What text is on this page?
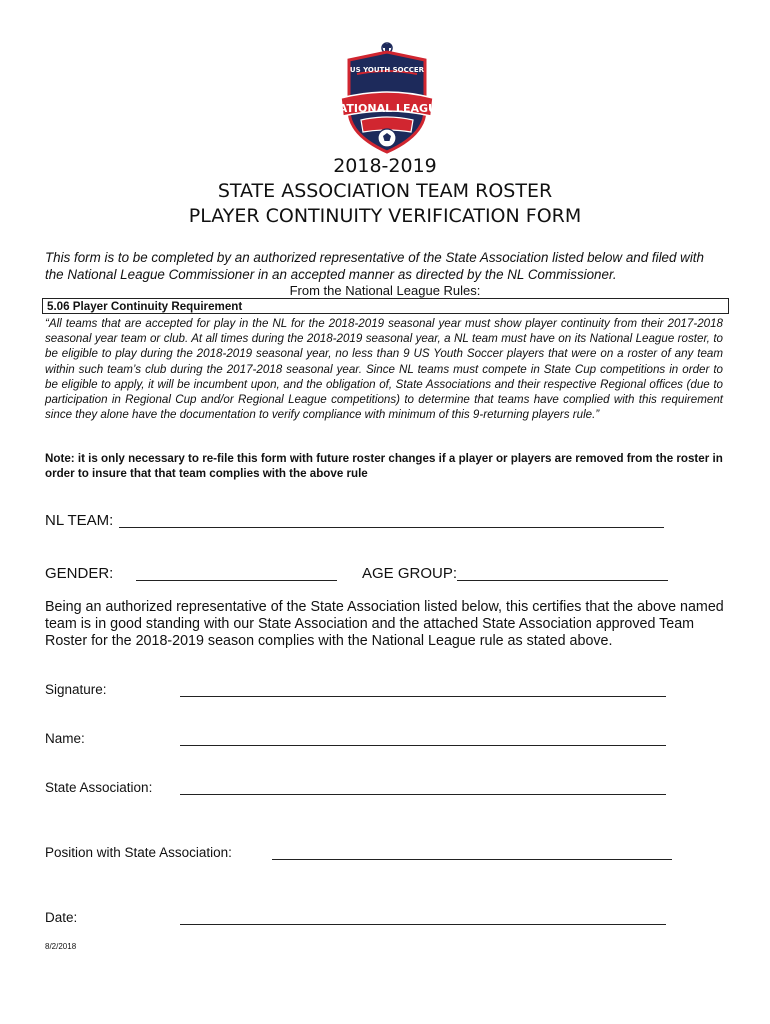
US YOUTH SOCCER
NATIONAL LEAGUE
2018-2019
STATE ASSOCIATION TEAM ROSTER
PLAYER CONTINUITY VERIFICATION FORM
This form is to be completed by an authorized representative of the State Association listed below and filed with the National League Commissioner in an accepted manner as directed by the NL Commissioner.
From the National League Rules:
5.06 Player Continuity Requirement
“All teams that are accepted for play in the NL for the 2018-2019 seasonal year must show player continuity from their 2017-2018 seasonal year team or club. At all times during the 2018-2019 seasonal year, a NL team must have on its National League roster, to be eligible to play during the 2018-2019 seasonal year, no less than 9 US Youth Soccer players that were on a roster of any team within such team’s club during the 2017-2018 seasonal year. Since NL teams must compete in State Cup competitions in order to be eligible to apply, it will be incumbent upon, and the obligation of, State Associations and their respective Regional offices (due to participation in Regional Cup and/or Regional League competitions) to determine that teams have complied with this requirement since they alone have the documentation to verify compliance with minimum of this 9-returning players rule.”
Note: it is only necessary to re-file this form with future roster changes if a player or players are removed from the roster in order to insure that that team complies with the above rule
NL TEAM:
GENDER:	AGE GROUP:
Being an authorized representative of the State Association listed below, this certifies that the above named team is in good standing with our State Association and the attached State Association approved Team Roster for the 2018-2019 season complies with the National League rule as stated above.
Signature:
Name:
State Association:
Position with State Association:
Date:
8/2/2018
